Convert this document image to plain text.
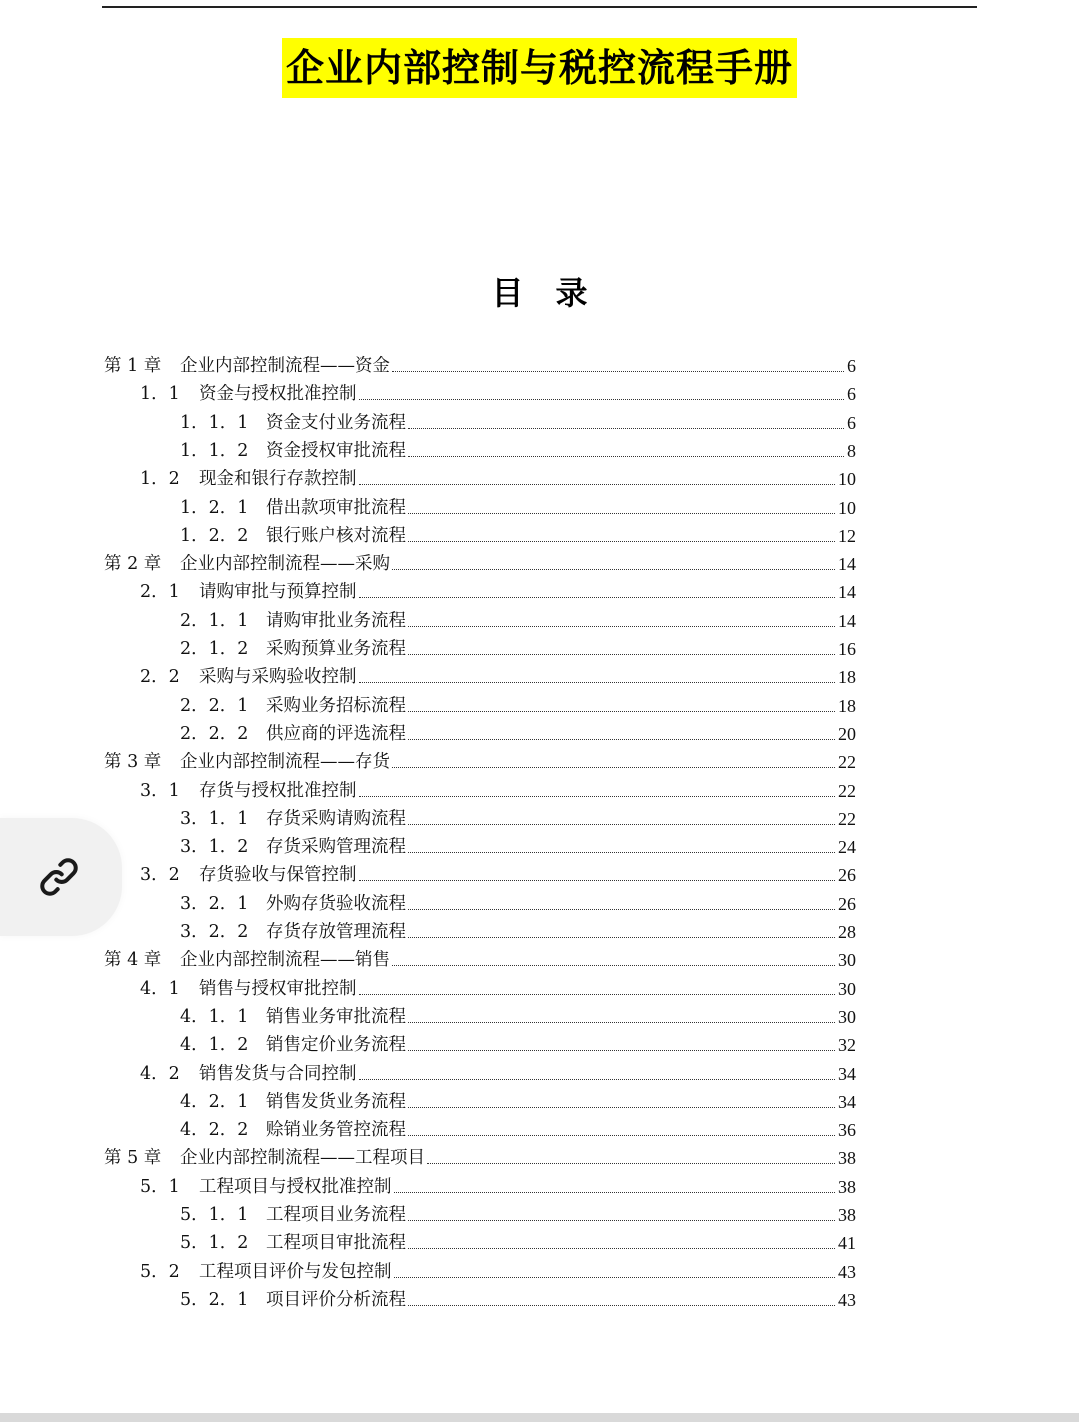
企业内部控制与税控流程手册
目　录
第 1 章	企业内部控制流程——资金	6
1．1	资金与授权批准控制	6
1．1．1	资金支付业务流程	6
1．1．2	资金授权审批流程	8
1．2	现金和银行存款控制	10
1．2．1	借出款项审批流程	10
1．2．2	银行账户核对流程	12
第 2 章	企业内部控制流程——采购	14
2．1	请购审批与预算控制	14
2．1．1	请购审批业务流程	14
2．1．2	采购预算业务流程	16
2．2	采购与采购验收控制	18
2．2．1	采购业务招标流程	18
2．2．2	供应商的评选流程	20
第 3 章	企业内部控制流程——存货	22
3．1	存货与授权批准控制	22
3．1．1	存货采购请购流程	22
3．1．2	存货采购管理流程	24
3．2	存货验收与保管控制	26
3．2．1	外购存货验收流程	26
3．2．2	存货存放管理流程	28
第 4 章	企业内部控制流程——销售	30
4．1	销售与授权审批控制	30
4．1．1	销售业务审批流程	30
4．1．2	销售定价业务流程	32
4．2	销售发货与合同控制	34
4．2．1	销售发货业务流程	34
4．2．2	赊销业务管控流程	36
第 5 章	企业内部控制流程——工程项目	38
5．1	工程项目与授权批准控制	38
5．1．1	工程项目业务流程	38
5．1．2	工程项目审批流程	41
5．2	工程项目评价与发包控制	43
5．2．1	项目评价分析流程	43
